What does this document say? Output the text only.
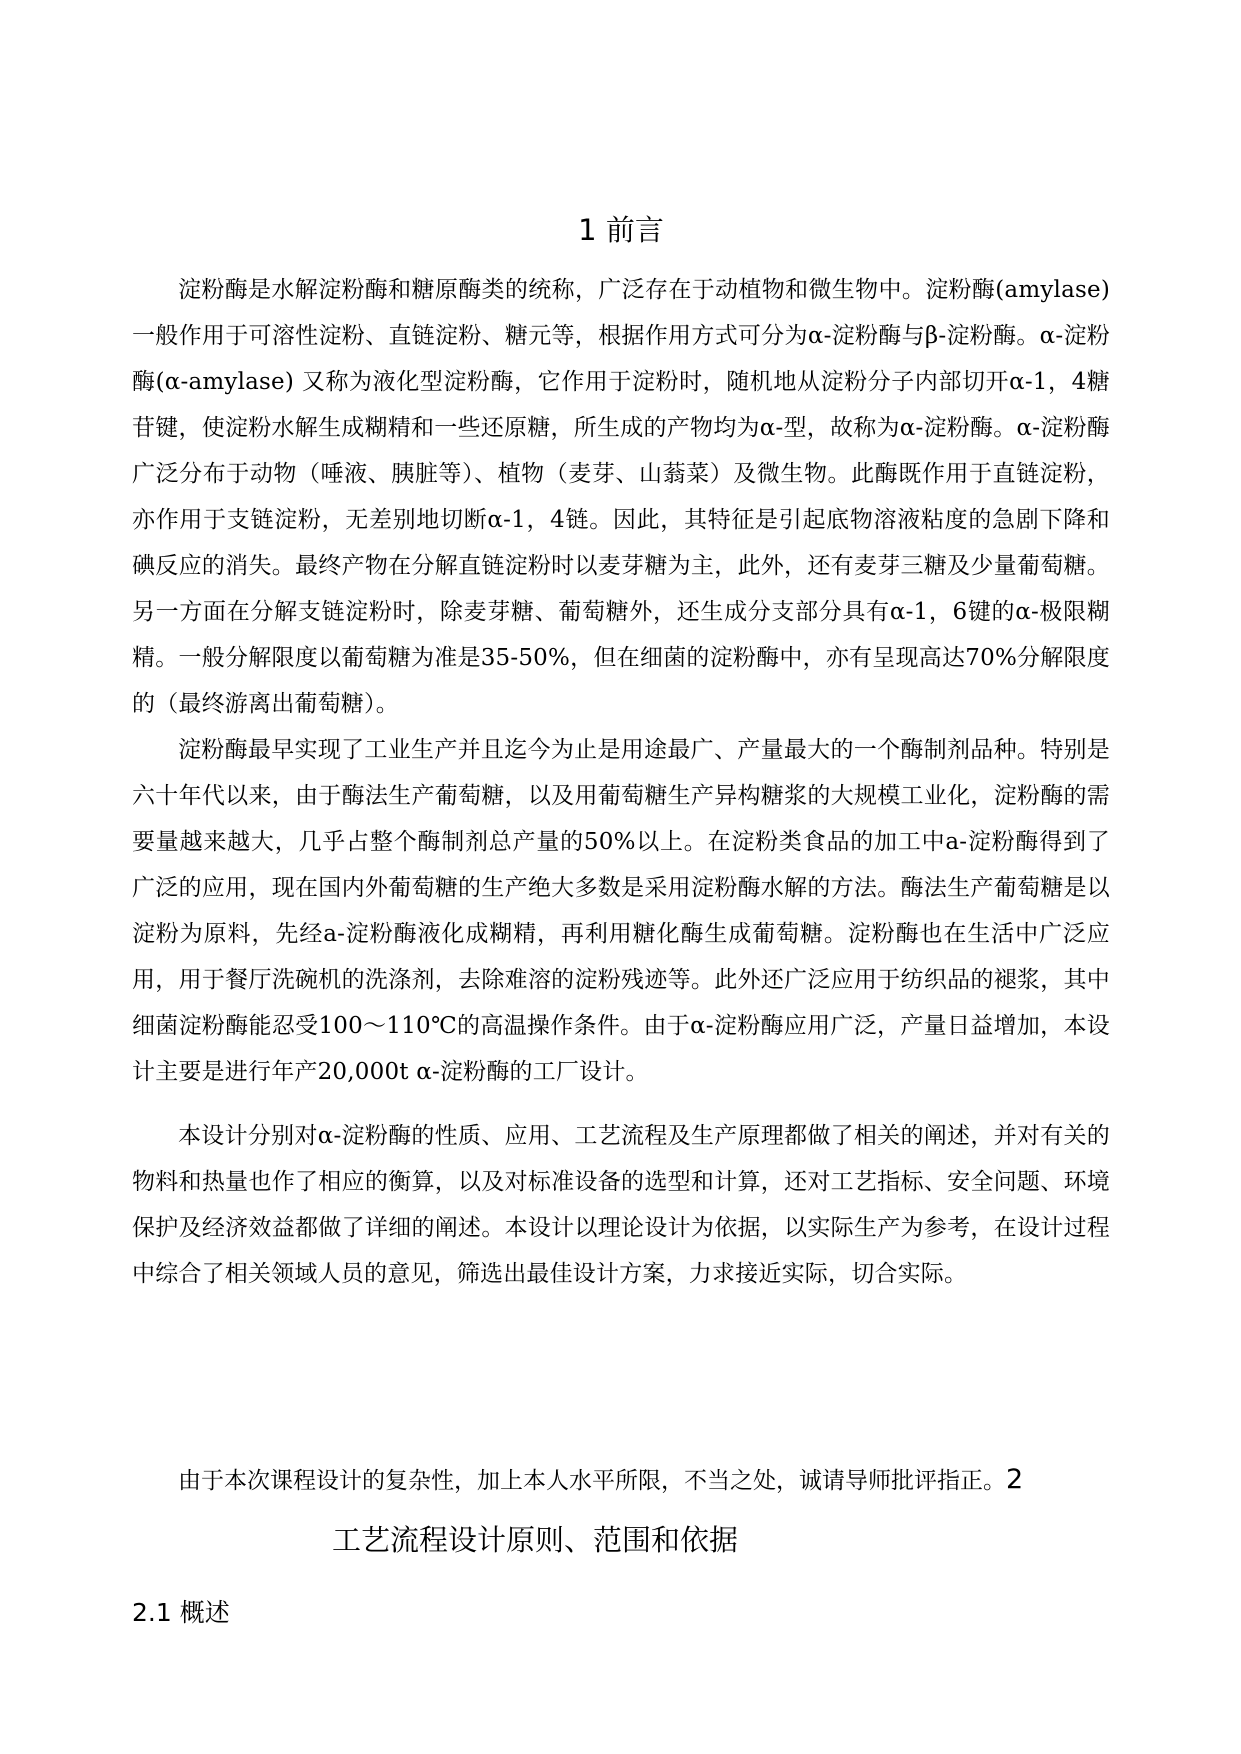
1 前言

淀粉酶是水解淀粉酶和糖原酶类的统称，广泛存在于动植物和微生物中。淀粉酶(amylase)一般作用于可溶性淀粉、直链淀粉、糖元等，根据作用方式可分为α-淀粉酶与β-淀粉酶。α-淀粉酶(α-amylase) 又称为液化型淀粉酶，它作用于淀粉时，随机地从淀粉分子内部切开α-1，4糖苷键，使淀粉水解生成糊精和一些还原糖，所生成的产物均为α-型，故称为α-淀粉酶。α-淀粉酶广泛分布于动物（唾液、胰脏等）、植物（麦芽、山蓊菜）及微生物。此酶既作用于直链淀粉，亦作用于支链淀粉，无差别地切断α-1，4链。因此，其特征是引起底物溶液粘度的急剧下降和碘反应的消失。最终产物在分解直链淀粉时以麦芽糖为主，此外，还有麦芽三糖及少量葡萄糖。另一方面在分解支链淀粉时，除麦芽糖、葡萄糖外，还生成分支部分具有α-1，6键的α-极限糊精。一般分解限度以葡萄糖为准是35-50%，但在细菌的淀粉酶中，亦有呈现高达70%分解限度的（最终游离出葡萄糖）。

淀粉酶最早实现了工业生产并且迄今为止是用途最广、产量最大的一个酶制剂品种。特别是六十年代以来，由于酶法生产葡萄糖，以及用葡萄糖生产异构糖浆的大规模工业化，淀粉酶的需要量越来越大，几乎占整个酶制剂总产量的50%以上。在淀粉类食品的加工中a-淀粉酶得到了广泛的应用，现在国内外葡萄糖的生产绝大多数是采用淀粉酶水解的方法。酶法生产葡萄糖是以淀粉为原料，先经a-淀粉酶液化成糊精，再利用糖化酶生成葡萄糖。淀粉酶也在生活中广泛应用，用于餐厅洗碗机的洗涤剂，去除难溶的淀粉残迹等。此外还广泛应用于纺织品的褪浆，其中细菌淀粉酶能忍受100～110℃的高温操作条件。由于α-淀粉酶应用广泛，产量日益增加，本设计主要是进行年产20,000t α-淀粉酶的工厂设计。

本设计分别对α-淀粉酶的性质、应用、工艺流程及生产原理都做了相关的阐述，并对有关的物料和热量也作了相应的衡算，以及对标准设备的选型和计算，还对工艺指标、安全问题、环境保护及经济效益都做了详细的阐述。本设计以理论设计为依据，以实际生产为参考，在设计过程中综合了相关领域人员的意见，筛选出最佳设计方案，力求接近实际，切合实际。

由于本次课程设计的复杂性，加上本人水平所限，不当之处，诚请导师批评指正。2

工艺流程设计原则、范围和依据
2.1 概述
